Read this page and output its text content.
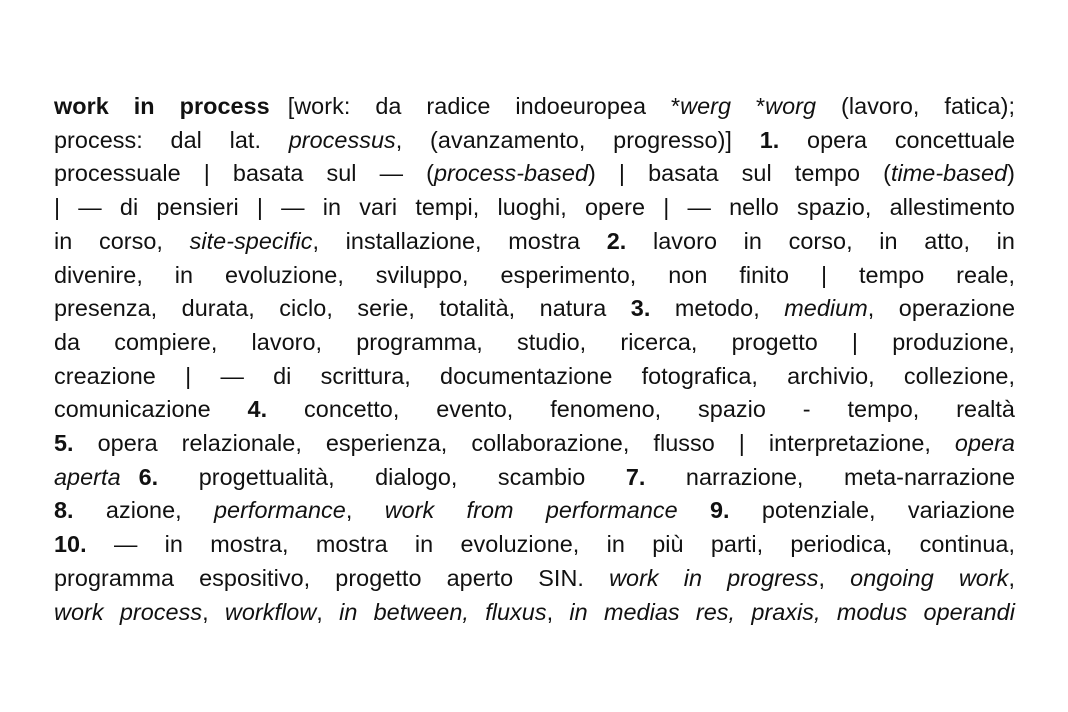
work in process [work: da radice indoeuropea *werg *worg (lavoro, fatica);
process: dal lat. processus, (avanzamento, progresso)] 1. opera concettuale
processuale | basata sul — (process-based) | basata sul tempo (time-based)
| — di pensieri | — in vari tempi, luoghi, opere | — nello spazio, allestimento
in corso, site-specific, installazione, mostra 2. lavoro in corso, in atto, in
divenire, in evoluzione, sviluppo, esperimento, non finito | tempo reale,
presenza, durata, ciclo, serie, totalità, natura 3. metodo, medium, operazione
da compiere, lavoro, programma, studio, ricerca, progetto | produzione,
creazione | — di scrittura, documentazione fotografica, archivio, collezione,
comunicazione 4. concetto, evento, fenomeno, spazio - tempo, realtà
5. opera relazionale, esperienza, collaborazione, flusso | interpretazione, opera
aperta 6. progettualità, dialogo, scambio 7. narrazione, meta-narrazione
8. azione, performance, work from performance 9. potenziale, variazione
10. — in mostra, mostra in evoluzione, in più parti, periodica, continua,
programma espositivo, progetto aperto SIN. work in progress, ongoing work,
work process, workflow, in between, fluxus, in medias res, praxis, modus operandi
